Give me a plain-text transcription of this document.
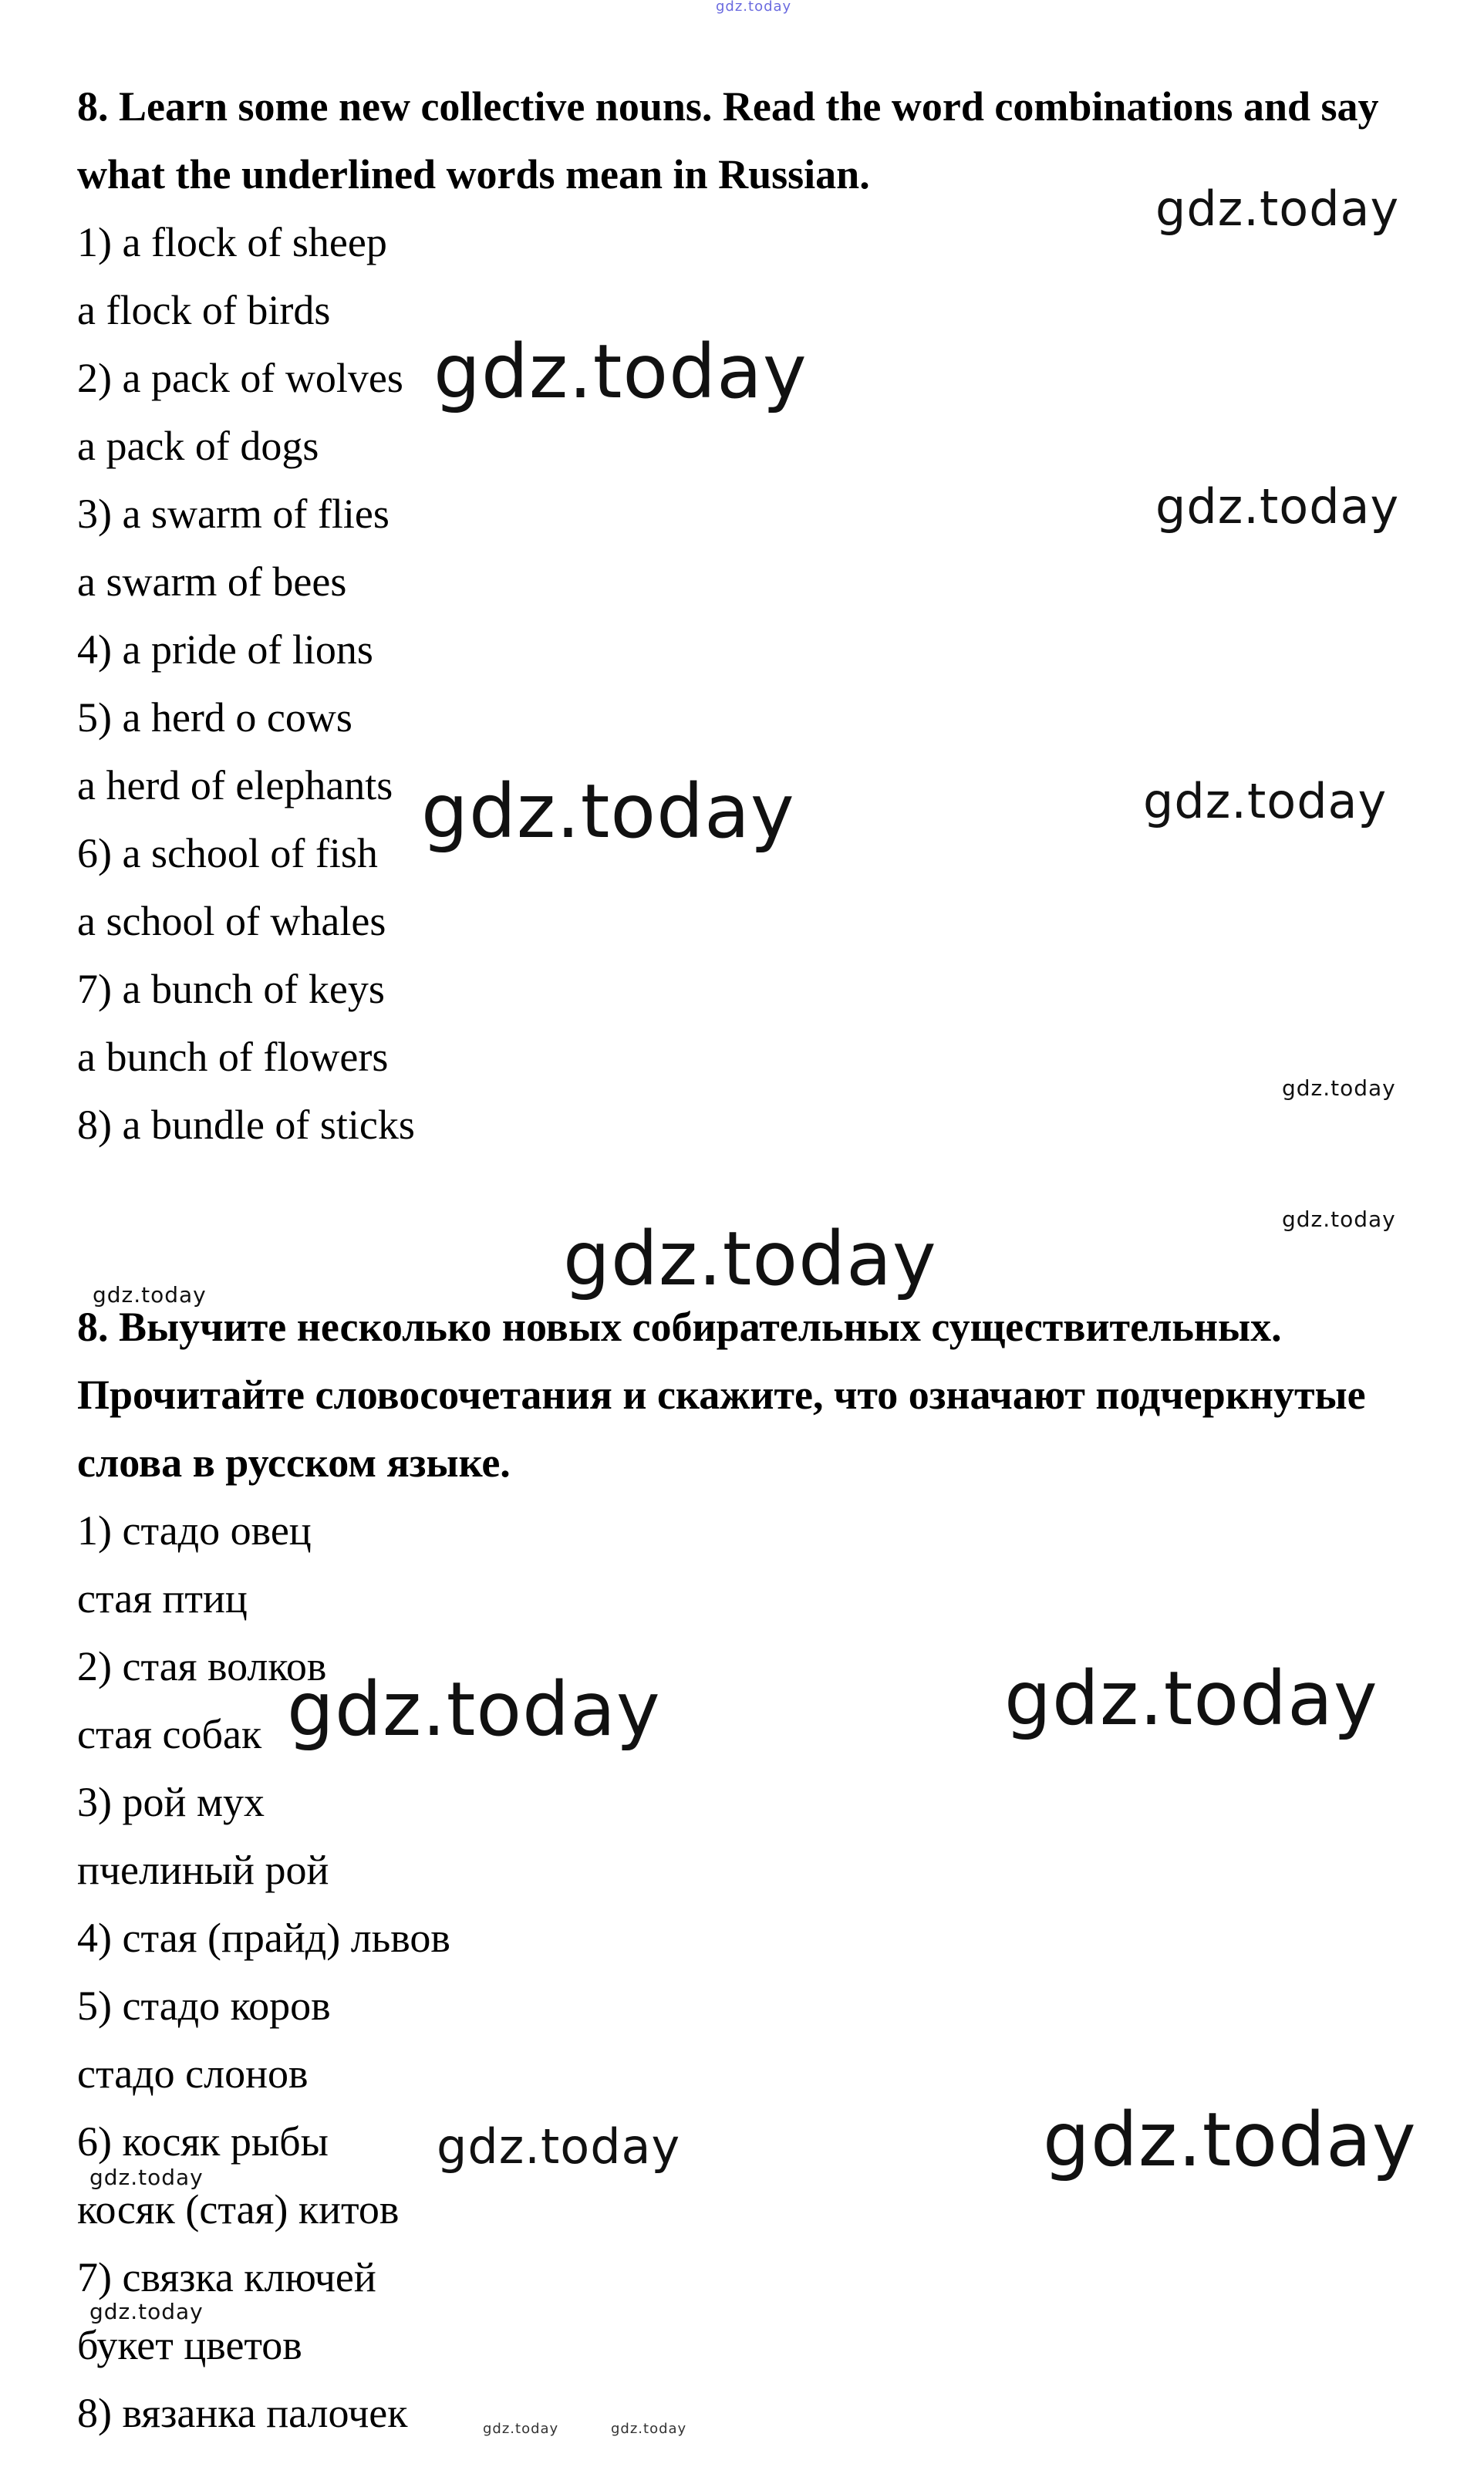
gdz.today
8. Learn some new collective nouns. Read the word combinations and say what the underlined words mean in Russian.
1) a flock of sheep
a flock of birds
2) a pack of wolves
a pack of dogs
3) a swarm of flies
a swarm of bees
4) a pride of lions
5) a herd o cows
a herd of elephants
6) a school of fish
a school of whales
7) a bunch of keys
a bunch of flowers
8) a bundle of sticks
8. Выучите несколько новых собирательных существительных. Прочитайте словосочетания и скажите, что означают подчеркнутые слова в русском языке.
1) стадо овец
стая птиц
2) стая волков
стая собак
3) рой мух
пчелиный рой
4) стая (прайд) львов
5) стадо коров
стадо слонов
6) косяк рыбы
косяк (стая) китов
7) связка ключей
букет цветов
8) вязанка палочек
gdz.today
gdz.today
gdz.today
gdz.today	gdz.today
gdz.today
gdz.today
gdz.today
gdz.today
gdz.today	gdz.today
gdz.today	gdz.today
gdz.today
gdz.today
gdz.today	gdz.today
